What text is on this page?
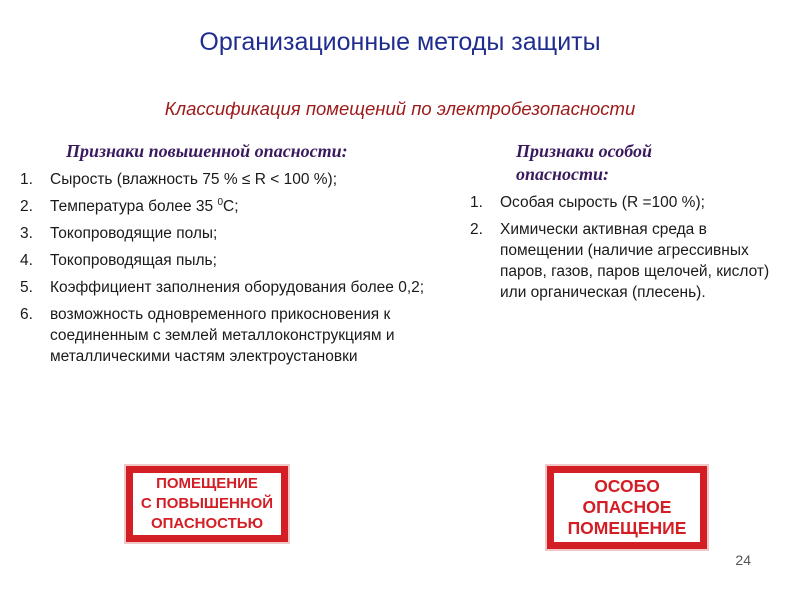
Организационные методы защиты
Классификация помещений по электробезопасности
Признаки повышенной опасности:
1.	Сырость (влажность 75 % ≤ R < 100 %);
2.	Температура более 35 $^0$С;
3.	Токопроводящие полы;
4.	Токопроводящая пыль;
5.	Коэффициент заполнения оборудования более 0,2;
6.	возможность одновременного прикосновения к соединенным с землей металлоконструкциям и металлическими частям электроустановки
Признаки особой опасности:
1.	Особая сырость (R =100 %);
2.	Химически активная среда в помещении (наличие агрессивных паров, газов, паров щелочей, кислот) или органическая (плесень).
ПОМЕЩЕНИЕ
С ПОВЫШЕННОЙ
ОПАСНОСТЬЮ
ОСОБО
ОПАСНОЕ
ПОМЕЩЕНИЕ
24
